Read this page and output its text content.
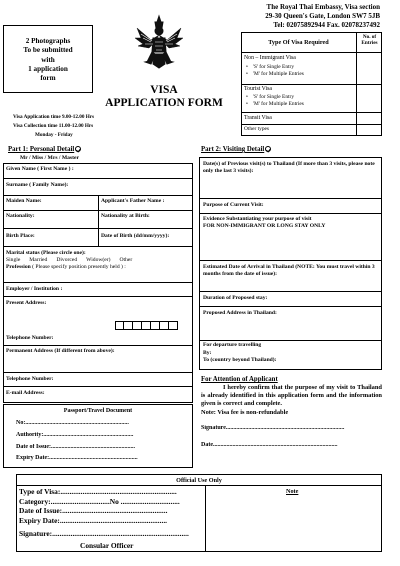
The Royal Thai Embassy, Visa section
29-30 Queen's Gate, London SW7 5JB
Tel: 02075892944 Fax. 02078237492
2 Photographs
To be submitted
with
1 application
form
VISA
APPLICATION FORM
Visa Application time 9.00-12.00 Hrs
Visa Collection time 11.00-12.00 Hrs
Monday - Friday
Type Of Visa Required
No. of Entries
Non – Immigrant Visa
• 'S' for Single Entry
• 'M' for Multiple Entries
Tourist Visa
• 'S' for Single Entry
• 'M' for Multiple Entries
Transit Visa
Other types
Part 1: Personal Detail
Mr / Miss / Mrs / Master
Given Name ( First Name ) :
Surname ( Family Name):
Maiden Name:	Applicant's Father Name :
Nationality:	Nationality at Birth:
Birth Place:	Date of Birth (dd/mm/yyyy):
Marital status (Please circle one):
Single Married Divorced Widow(er) Other
Profession ( Please specify position presently held ) :
Employer / Institution :
Present Address:
Telephone Number:
Permanent Address (If different from above):
Telephone Number:
E-mail Address:
Passport/Travel Document
No:.....................................................................
Authority:............................................................
Date of Issue:........................................................
Expiry Date:...........................................................
Part 2: Visiting Detail
Date(s) of Previous visit(s) to Thailand (If more than 3 visits, please note only the last 3 visits):
Purpose of Current Visit:
Evidence Substantiating your purpose of visit
FOR NON-IMMIGRANT OR LONG STAY ONLY
Estimated Date of Arrival in Thailand (NOTE: You must travel within 3 months from the date of issue):
Duration of Proposed stay:
Proposed Address in Thailand:
For departure travelling
By:
To (country beyond Thailand):
For Attention of Applicant
I hereby confirm that the purpose of my visit to Thailand is already identified in this application form and the information given is correct and complete.
Note: Visa fee is non-refundable
Signature...............................................................................
Date...................................................................................
Official Use Only
Note
Type of Visa:...............................................................
Category:................................No ................................
Date of Issue:.........................................................
Expiry Date:..........................................................
Signature:..........................................................................
Consular Officer
